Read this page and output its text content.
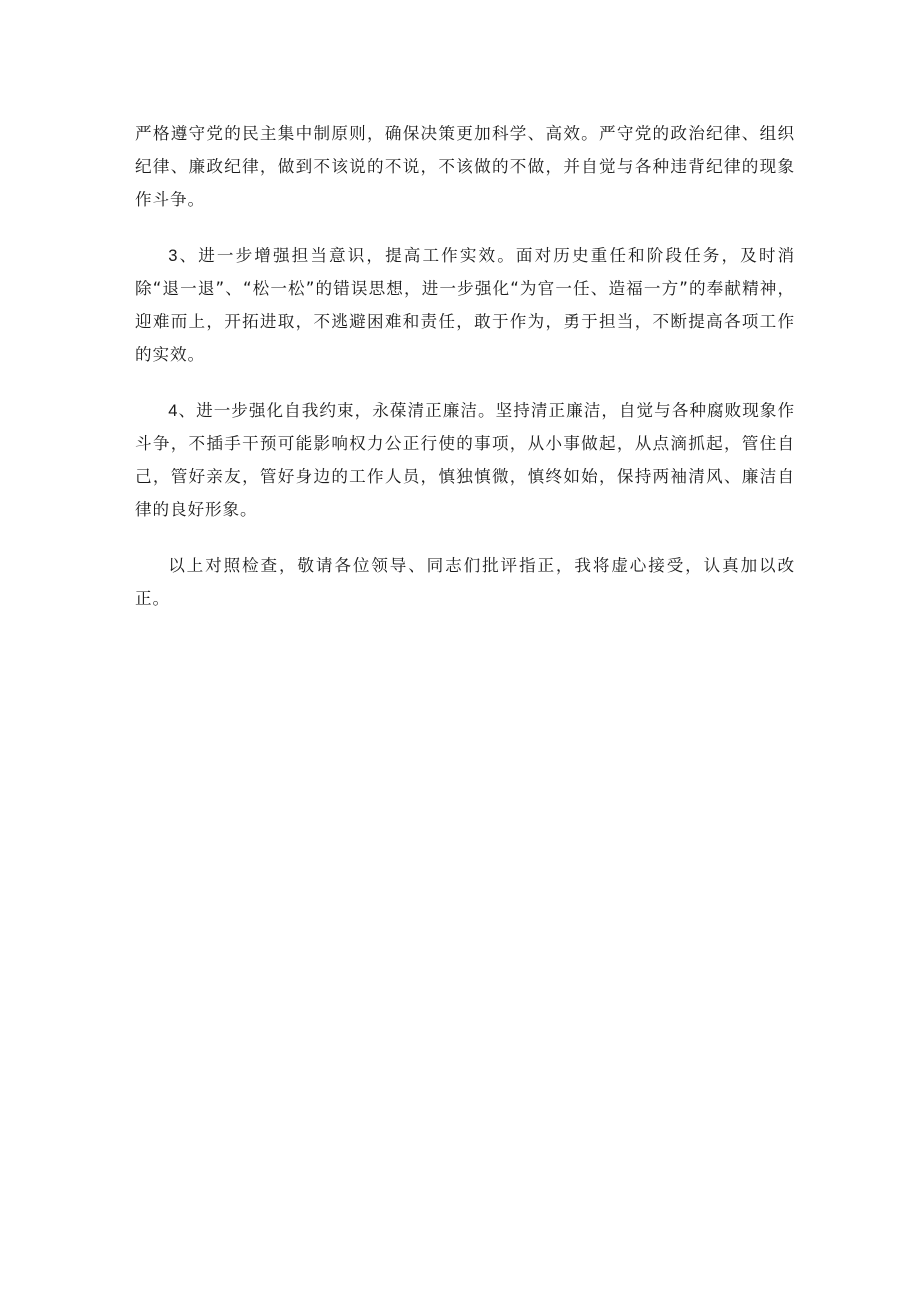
严格遵守党的民主集中制原则，确保决策更加科学、高效。严守党的政治纪律、组织纪律、廉政纪律，做到不该说的不说，不该做的不做，并自觉与各种违背纪律的现象作斗争。

3、进一步增强担当意识，提高工作实效。面对历史重任和阶段任务，及时消除“退一退”、“松一松”的错误思想，进一步强化“为官一任、造福一方”的奉献精神，迎难而上，开拓进取，不逃避困难和责任，敢于作为，勇于担当，不断提高各项工作的实效。

4、进一步强化自我约束，永葆清正廉洁。坚持清正廉洁，自觉与各种腐败现象作斗争，不插手干预可能影响权力公正行使的事项，从小事做起，从点滴抓起，管住自己，管好亲友，管好身边的工作人员，慎独慎微，慎终如始，保持两袖清风、廉洁自律的良好形象。

以上对照检查，敬请各位领导、同志们批评指正，我将虚心接受，认真加以改正。
